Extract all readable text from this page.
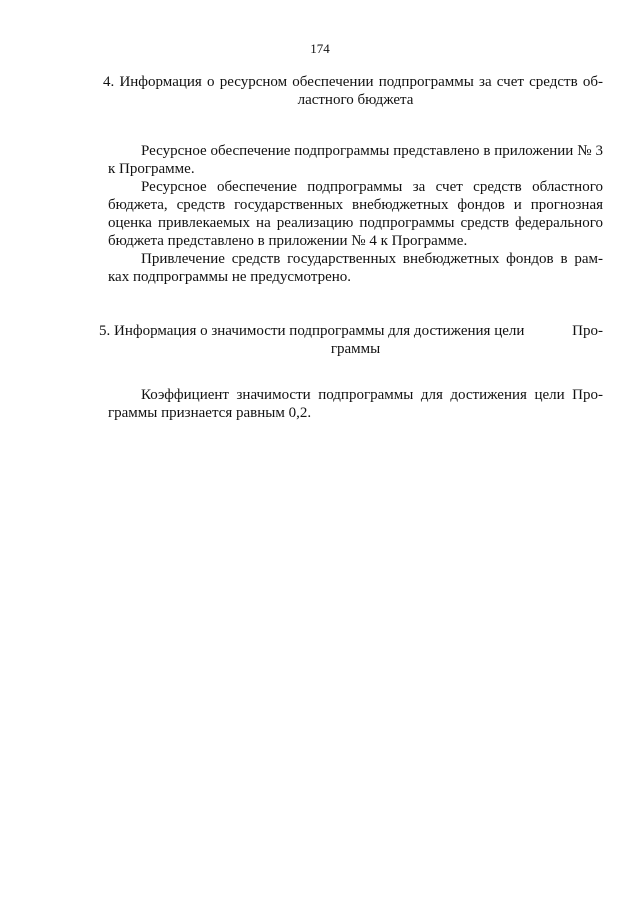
174
4. Информация о ресурсном обеспечении подпрограммы за счет средств об-
ластного бюджета

Ресурсное обеспечение подпрограммы представлено в приложении № 3 к Программе.

Ресурсное обеспечение подпрограммы за счет средств областного бюджета, средств государственных внебюджетных фондов и прогнозная оценка привлекаемых на реализацию подпрограммы средств федерального бюджета представлено в приложении № 4 к Программе.

Привлечение средств государственных внебюджетных фондов в рам-ках подпрограммы не предусмотрено.

5. Информация о значимости подпрограммы для достижения цели	Про-
граммы

Коэффициент значимости подпрограммы для достижения цели Про-граммы признается равным 0,2.
